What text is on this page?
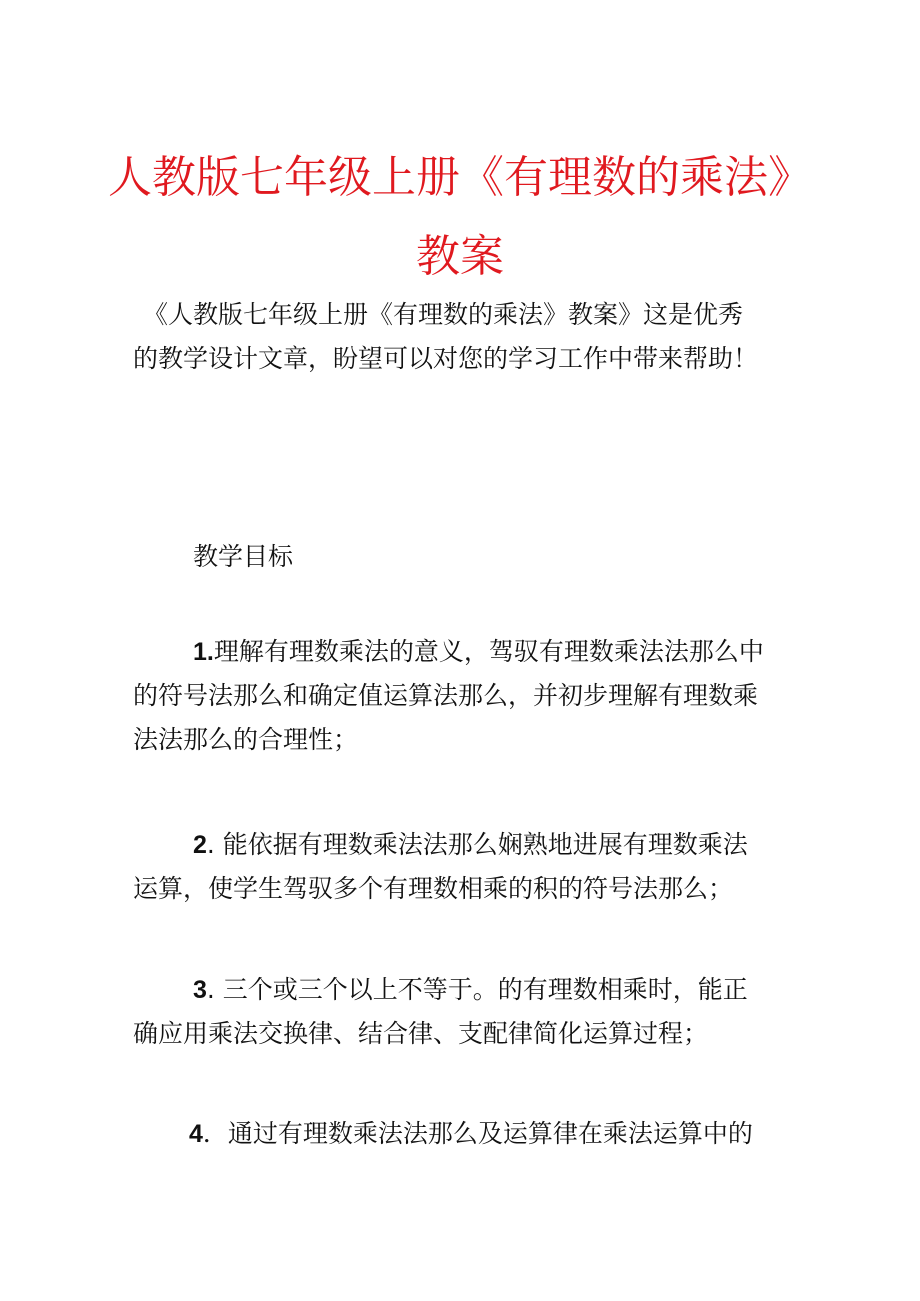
人教版七年级上册《有理数的乘法》
教案
《人教版七年级上册《有理数的乘法》教案》这是优秀
的教学设计文章，盼望可以对您的学习工作中带来帮助！
教学目标
1.理解有理数乘法的意义，驾驭有理数乘法法那么中
的符号法那么和确定值运算法那么，并初步理解有理数乘
法法那么的合理性；
2. 能依据有理数乘法法那么娴熟地进展有理数乘法
运算，使学生驾驭多个有理数相乘的积的符号法那么；
3. 三个或三个以上不等于。的有理数相乘时，能正
确应用乘法交换律、结合律、支配律简化运算过程；
4．通过有理数乘法法那么及运算律在乘法运算中的
